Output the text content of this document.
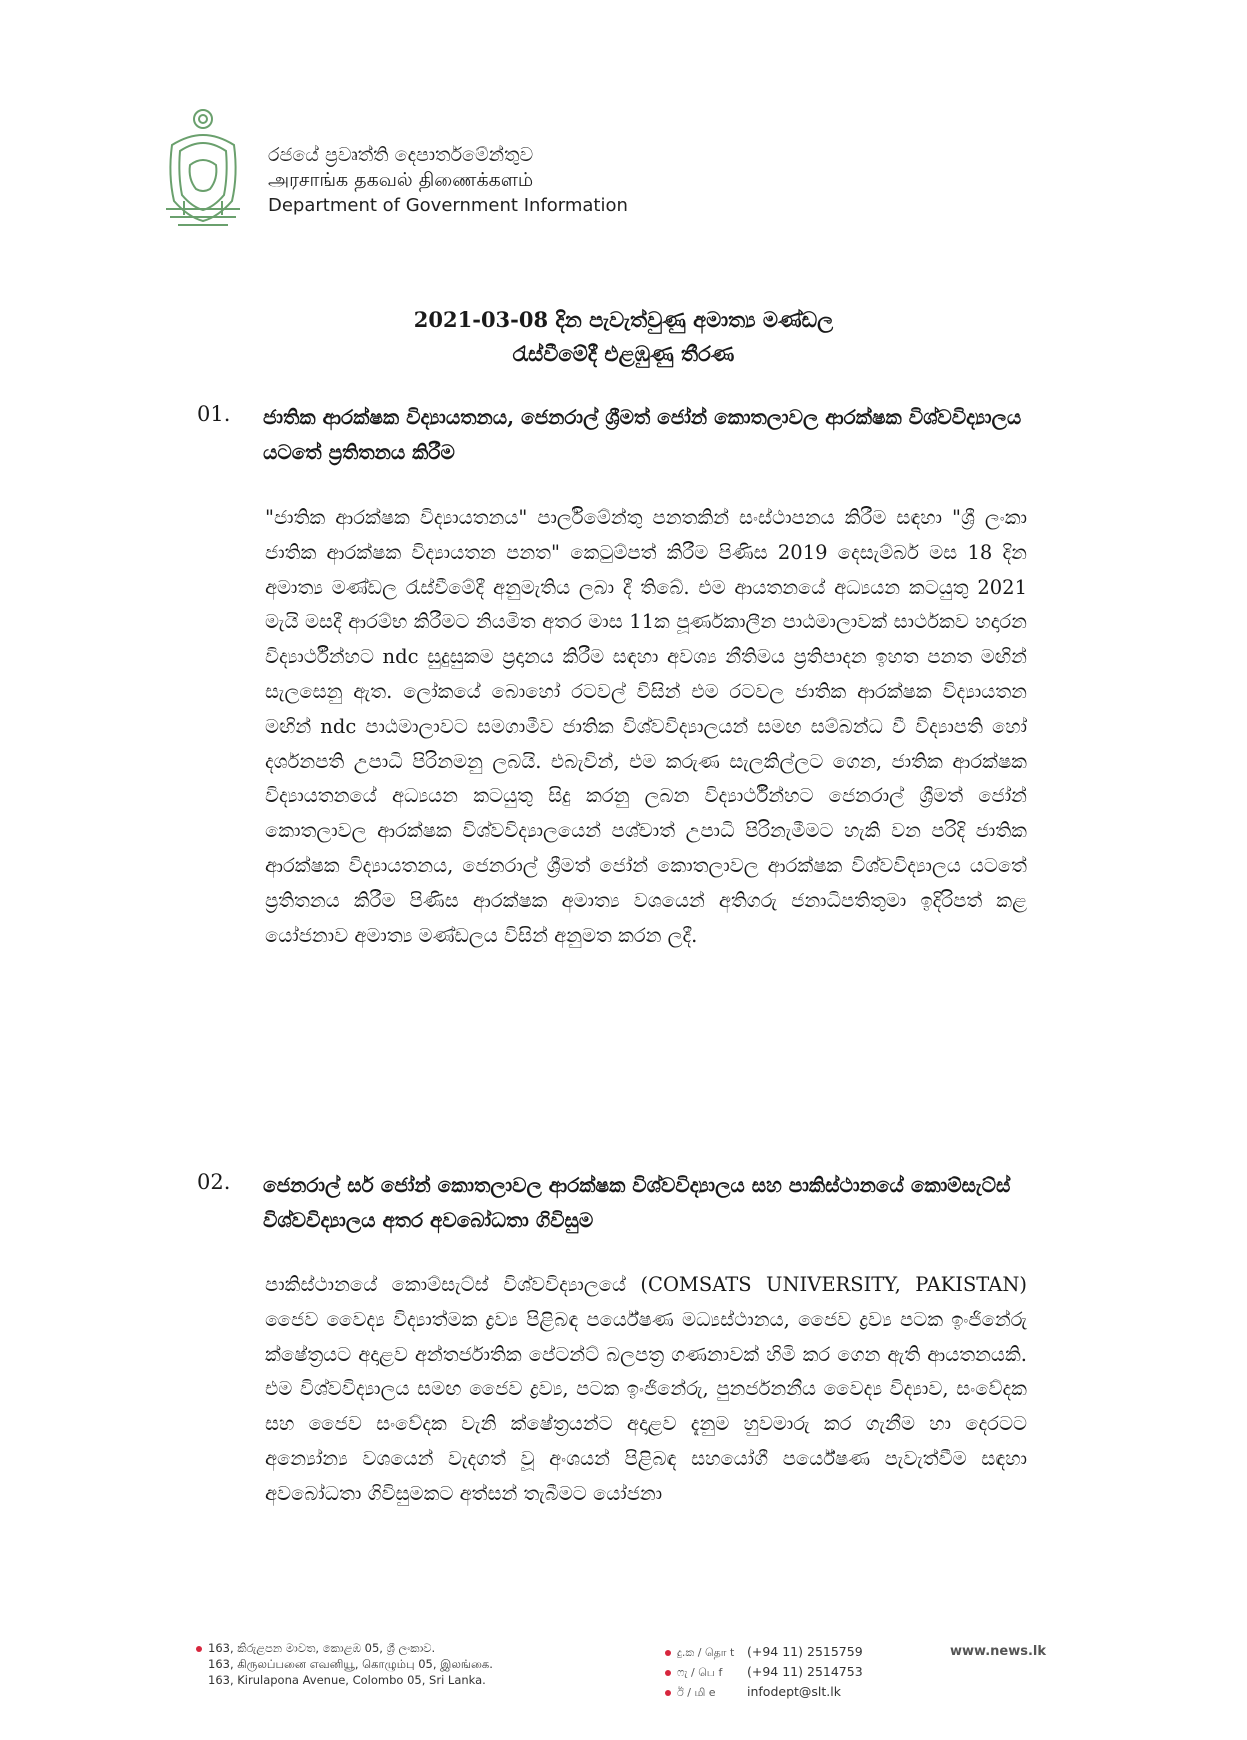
රජයේ ප්‍රවෘත්ති දෙපාර්තමේන්තුව
அரசாங்க தகவல் திணைக்களம்
Department of Government Information
2021-03-08 දින පැවැත්වුණු අමාත්‍ය මණ්ඩල
රැස්වීමේදී එළඹුණු තීරණ
01. ජාතික ආරක්ෂක විද්‍යායතනය, ජෙනරාල් ශ්‍රීමත් ජෝන් කොතලාවල ආරක්ෂක විශ්වවිද්‍යාලය යටතේ ප්‍රතිතනය කිරීම
"ජාතික ආරක්ෂක විද්‍යායතනය" පාර්ලිමේන්තු පනතකින් සංස්ථාපනය කිරීම සඳහා "ශ්‍රී ලංකා ජාතික ආරක්ෂක විද්‍යායතන පනත" කෙටුම්පත් කිරීම පිණිස 2019 දෙසැම්බර් මස 18 දින අමාත්‍ය මණ්ඩල රැස්වීමේදී අනුමැතිය ලබා දී තිබේ. එම ආයතනයේ අධ්‍යයන කටයුතු 2021 මැයි මසදී ආරම්භ කිරීමට නියමිත අතර මාස 11ක පූර්ණකාලීන පාඨමාලාවක් සාර්ථකව හදාරන විද්‍යාර්ථීන්හට ndc සුදුසුකම ප්‍රදානය කිරීම සඳහා අවශ්‍ය නීතිමය ප්‍රතිපාදන ඉහත පනත මඟින් සැලසෙනු ඇත. ලෝකයේ බොහෝ රටවල් විසින් එම රටවල ජාතික ආරක්ෂක විද්‍යායතන මඟින් ndc පාඨමාලාවට සමගාමීව ජාතික විශ්වවිද්‍යාලයන් සමඟ සම්බන්ධ වී විද්‍යාපති හෝ දර්ශනපති උපාධි පිරිනමනු ලබයි. එබැවින්, එම කරුණ සැලකිල්ලට ගෙන, ජාතික ආරක්ෂක විද්‍යායතනයේ අධ්‍යයන කටයුතු සිදු කරනු ලබන විද්‍යාර්ථීන්හට ජෙනරාල් ශ්‍රීමත් ජෝන් කොතලාවල ආරක්ෂක විශ්වවිද්‍යාලයෙන් පශ්චාත් උපාධි පිරිනැමීමට හැකි වන පරිදි ජාතික ආරක්ෂක විද්‍යායතනය, ජෙනරාල් ශ්‍රීමත් ජෝන් කොතලාවල ආරක්ෂක විශ්වවිද්‍යාලය යටතේ ප්‍රතිතනය කිරීම පිණිස ආරක්ෂක අමාත්‍ය වශයෙන් අතිගරු ජනාධිපතිතුමා ඉදිරිපත් කළ යෝජනාව අමාත්‍ය මණ්ඩලය විසින් අනුමත කරන ලදී.
02. ජෙනරාල් සර් ජෝන් කොතලාවල ආරක්ෂක විශ්වවිද්‍යාලය සහ පාකිස්ථානයේ කොම්සැට්ස් විශ්වවිද්‍යාලය අතර අවබෝධතා ගිවිසුම
පාකිස්ථානයේ කොම්සැට්ස් විශ්වවිද්‍යාලයේ (COMSATS UNIVERSITY, PAKISTAN) ජෛව වෛද්‍ය විද්‍යාත්මක ද්‍රව්‍ය පිළිබඳ පර්යේෂණ මධ්‍යස්ථානය, ජෛව ද්‍රව්‍ය පටක ඉංජිනේරු ක්ෂේත්‍රයට අදාළව අන්තර්ජාතික පේටන්ට් බලපත්‍ර ගණනාවක් හිමි කර ගෙන ඇති ආයතනයකි. එම විශ්වවිද්‍යාලය සමඟ ජෛව ද්‍රව්‍ය, පටක ඉංජිනේරු, පුනර්ජනනීය වෛද්‍ය විද්‍යාව, සංවේදක සහ ජෛව සංවේදක වැනි ක්ෂේත්‍රයන්ට අදාළව දැනුම හුවමාරු කර ගැනීම හා දෙරටට අන්‍යෝන්‍ය වශයෙන් වැදගත් වූ අංශයන් පිළිබඳ සහයෝගී පර්යේෂණ පැවැත්වීම සඳහා අවබෝධතා ගිවිසුමකට අත්සන් තැබීමට යෝජනා
163, කිරුළපන මාවත, කොළඹ 05, ශ්‍රී ලංකාව.
163, கிருலப்பனை எவனியூ, கொழும்பு 05, இலங்கை.
163, Kirulapona Avenue, Colombo 05, Sri Lanka.
දු.ක / தொ t (+94 11) 2515759
ෆැ / பெ f (+94 11) 2514753
ඊ / மி e	infodept@slt.lk
www.news.lk
